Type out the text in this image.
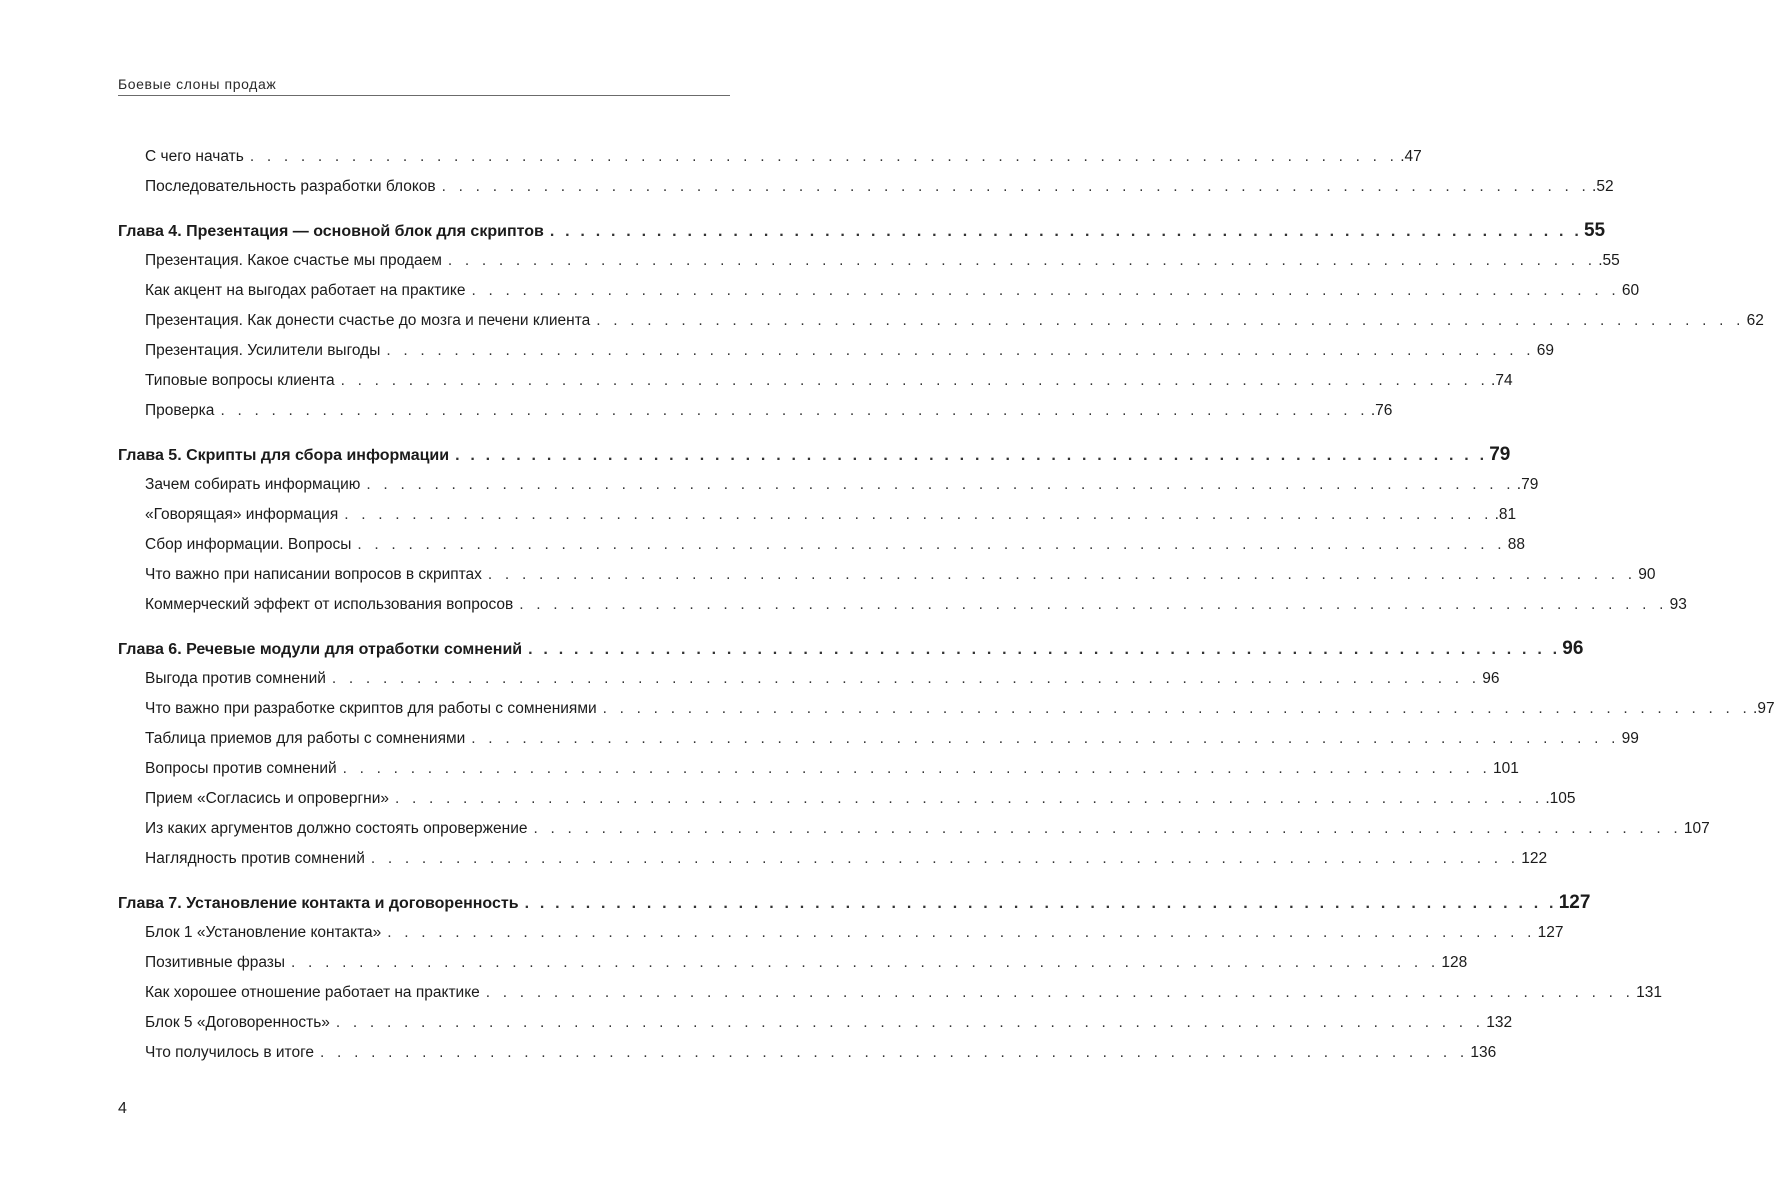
Боевые слоны продаж
С чего начать . . . . . . . . . . . . . . . . . . . . . . . . . . . . . . . . . . . . . . . . . . . . . . . . . . . . . . . . . . . . . . . . . . . . .47
Последовательность разработки блоков . . . . . . . . . . . . . . . . . . . . . . . . . . . . . . . . . . . . . . . . . . . . . . . . . . . . . . . . . . . . . . . . . . . . .52
Глава 4. Презентация — основной блок для скриптов . . . . . . . . . . . . . . . . . . . . . . . . . . . . . . . . . . . . . . . . . . . . . . . . . . . . . . . . . . . . . . . . . . . . 55
Презентация. Какое счастье мы продаем . . . . . . . . . . . . . . . . . . . . . . . . . . . . . . . . . . . . . . . . . . . . . . . . . . . . . . . . . . . . . . . . . . . . .55
Как акцент на выгодах работает на практике . . . . . . . . . . . . . . . . . . . . . . . . . . . . . . . . . . . . . . . . . . . . . . . . . . . . . . . . . . . . . . . . . . . . 60
Презентация. Как донести счастье до мозга и печени клиента . . . . . . . . . . . . . . . . . . . . . . . . . . . . . . . . . . . . . . . . . . . . . . . . . . . . . . . . . . . . . . . . . . . . 62
Презентация. Усилители выгоды . . . . . . . . . . . . . . . . . . . . . . . . . . . . . . . . . . . . . . . . . . . . . . . . . . . . . . . . . . . . . . . . . . . . 69
Типовые вопросы клиента . . . . . . . . . . . . . . . . . . . . . . . . . . . . . . . . . . . . . . . . . . . . . . . . . . . . . . . . . . . . . . . . . . . . .74
Проверка . . . . . . . . . . . . . . . . . . . . . . . . . . . . . . . . . . . . . . . . . . . . . . . . . . . . . . . . . . . . . . . . . . . . .76
Глава 5. Скрипты для сбора информации . . . . . . . . . . . . . . . . . . . . . . . . . . . . . . . . . . . . . . . . . . . . . . . . . . . . . . . . . . . . . . . . . . . . 79
Зачем собирать информацию . . . . . . . . . . . . . . . . . . . . . . . . . . . . . . . . . . . . . . . . . . . . . . . . . . . . . . . . . . . . . . . . . . . . .79
«Говорящая» информация . . . . . . . . . . . . . . . . . . . . . . . . . . . . . . . . . . . . . . . . . . . . . . . . . . . . . . . . . . . . . . . . . . . . .81
Сбор информации. Вопросы . . . . . . . . . . . . . . . . . . . . . . . . . . . . . . . . . . . . . . . . . . . . . . . . . . . . . . . . . . . . . . . . . . . . 88
Что важно при написании вопросов в скриптах . . . . . . . . . . . . . . . . . . . . . . . . . . . . . . . . . . . . . . . . . . . . . . . . . . . . . . . . . . . . . . . . . . . . 90
Коммерческий эффект от использования вопросов . . . . . . . . . . . . . . . . . . . . . . . . . . . . . . . . . . . . . . . . . . . . . . . . . . . . . . . . . . . . . . . . . . . . 93
Глава 6. Речевые модули для отработки сомнений . . . . . . . . . . . . . . . . . . . . . . . . . . . . . . . . . . . . . . . . . . . . . . . . . . . . . . . . . . . . . . . . . . . . 96
Выгода против сомнений . . . . . . . . . . . . . . . . . . . . . . . . . . . . . . . . . . . . . . . . . . . . . . . . . . . . . . . . . . . . . . . . . . . . 96
Что важно при разработке скриптов для работы с сомнениями . . . . . . . . . . . . . . . . . . . . . . . . . . . . . . . . . . . . . . . . . . . . . . . . . . . . . . . . . . . . . . . . . . . . .97
Таблица приемов для работы с сомнениями . . . . . . . . . . . . . . . . . . . . . . . . . . . . . . . . . . . . . . . . . . . . . . . . . . . . . . . . . . . . . . . . . . . . 99
Вопросы против сомнений . . . . . . . . . . . . . . . . . . . . . . . . . . . . . . . . . . . . . . . . . . . . . . . . . . . . . . . . . . . . . . . . . . . . 101
Прием «Согласись и опровергни» . . . . . . . . . . . . . . . . . . . . . . . . . . . . . . . . . . . . . . . . . . . . . . . . . . . . . . . . . . . . . . . . . . . . .105
Из каких аргументов должно состоять опровержение . . . . . . . . . . . . . . . . . . . . . . . . . . . . . . . . . . . . . . . . . . . . . . . . . . . . . . . . . . . . . . . . . . . . 107
Наглядность против сомнений . . . . . . . . . . . . . . . . . . . . . . . . . . . . . . . . . . . . . . . . . . . . . . . . . . . . . . . . . . . . . . . . . . . . 122
Глава 7. Установление контакта и договоренность . . . . . . . . . . . . . . . . . . . . . . . . . . . . . . . . . . . . . . . . . . . . . . . . . . . . . . . . . . . . . . . . . . . . 127
Блок 1 «Установление контакта» . . . . . . . . . . . . . . . . . . . . . . . . . . . . . . . . . . . . . . . . . . . . . . . . . . . . . . . . . . . . . . . . . . . . 127
Позитивные фразы . . . . . . . . . . . . . . . . . . . . . . . . . . . . . . . . . . . . . . . . . . . . . . . . . . . . . . . . . . . . . . . . . . . . 128
Как хорошее отношение работает на практике . . . . . . . . . . . . . . . . . . . . . . . . . . . . . . . . . . . . . . . . . . . . . . . . . . . . . . . . . . . . . . . . . . . . 131
Блок 5 «Договоренность» . . . . . . . . . . . . . . . . . . . . . . . . . . . . . . . . . . . . . . . . . . . . . . . . . . . . . . . . . . . . . . . . . . . . 132
Что получилось в итоге . . . . . . . . . . . . . . . . . . . . . . . . . . . . . . . . . . . . . . . . . . . . . . . . . . . . . . . . . . . . . . . . . . . . 136
4
